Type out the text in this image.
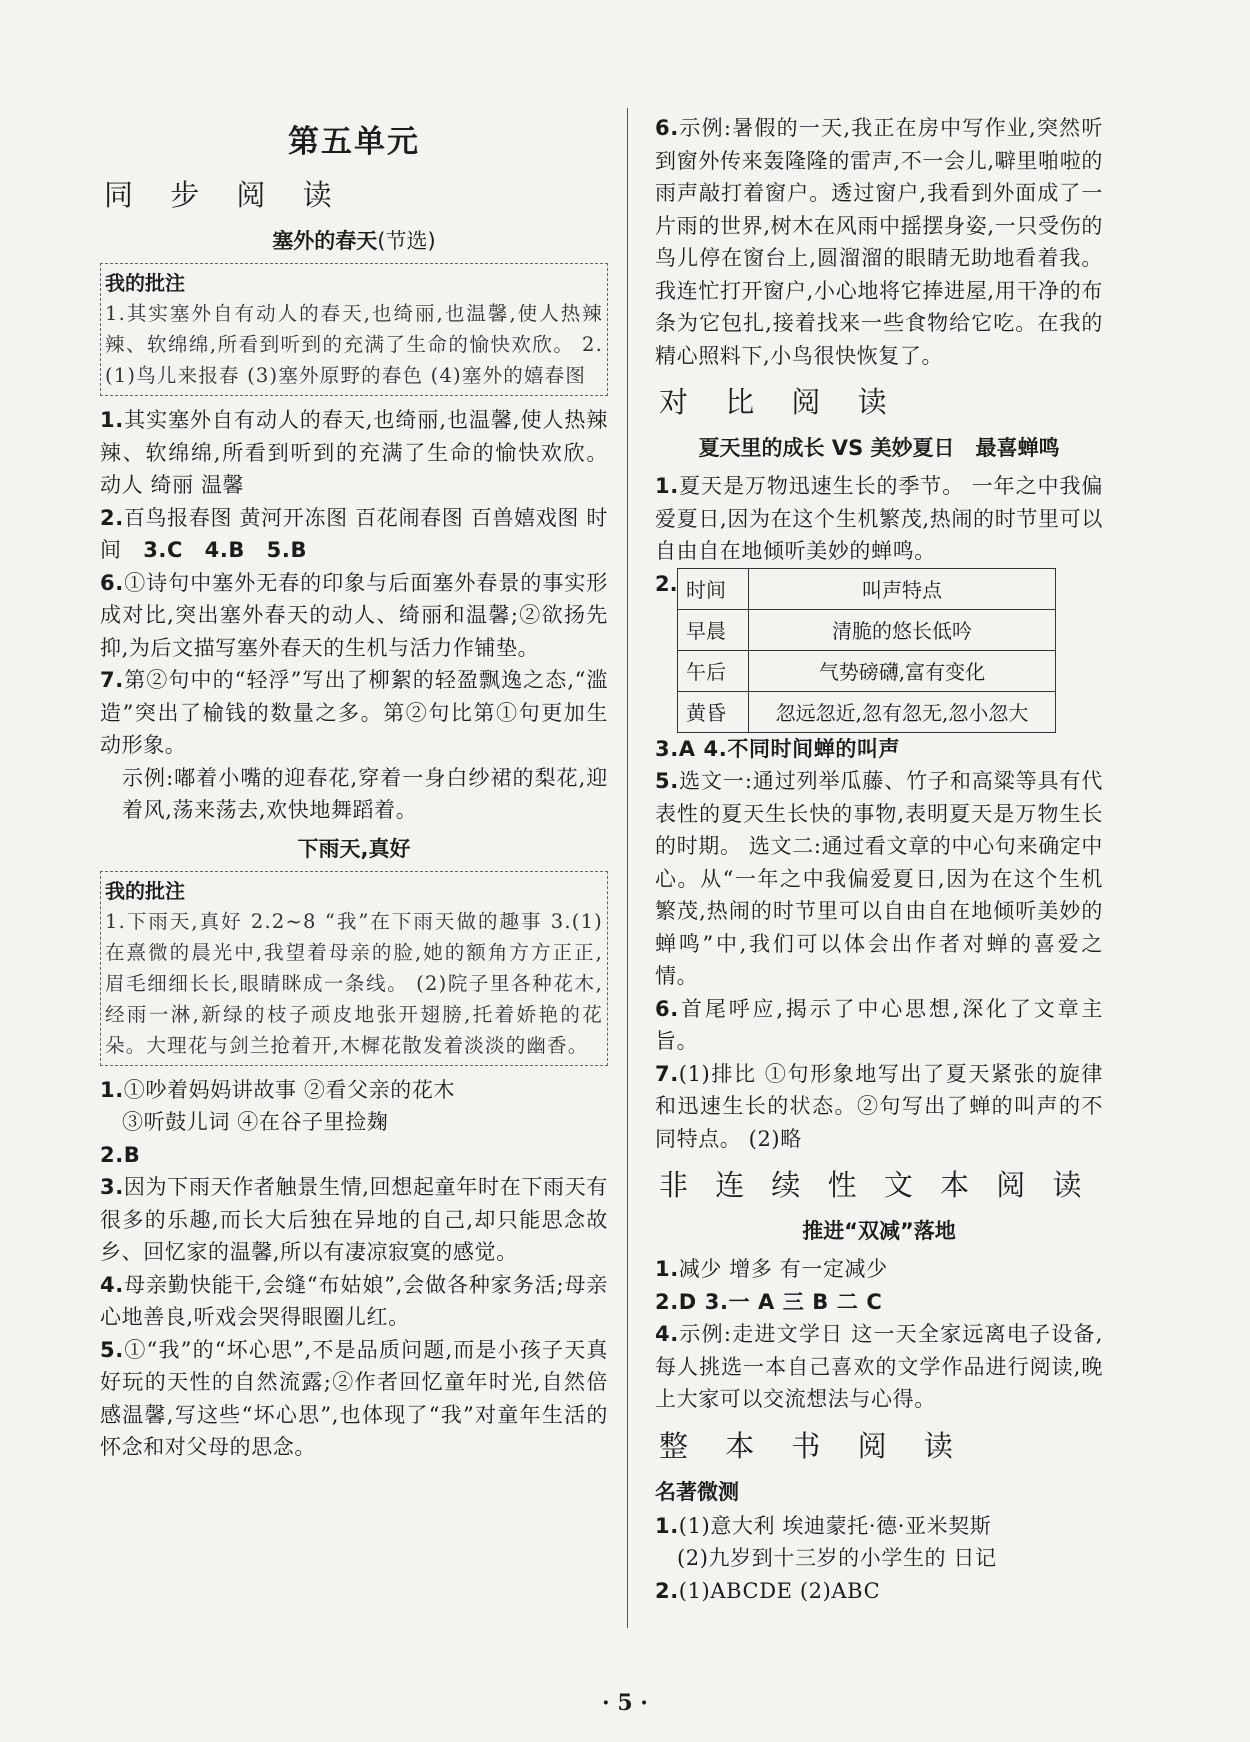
第五单元
同 步 阅 读
塞外的春天(节选)
我的批注
1.其实塞外自有动人的春天,也绮丽,也温馨,使人热辣辣、软绵绵,所看到听到的充满了生命的愉快欢欣。 2.(1)鸟儿来报春 (3)塞外原野的春色 (4)塞外的嬉春图

1.其实塞外自有动人的春天,也绮丽,也温馨,使人热辣辣、软绵绵,所看到听到的充满了生命的愉快欢欣。 动人 绮丽 温馨

2.百鸟报春图 黄河开冻图 百花闹春图 百兽嬉戏图 时间　 3.C　 4.B　 5.B

6.①诗句中塞外无春的印象与后面塞外春景的事实形成对比,突出塞外春天的动人、绮丽和温馨;②欲扬先抑,为后文描写塞外春天的生机与活力作铺垫。

7.第②句中的“轻浮”写出了柳絮的轻盈飘逸之态,“滥造”突出了榆钱的数量之多。第②句比第①句更加生动形象。
示例:嘟着小嘴的迎春花,穿着一身白纱裙的梨花,迎着风,荡来荡去,欢快地舞蹈着。

下雨天,真好
我的批注
1.下雨天,真好 2.2~8 “我”在下雨天做的趣事 3.(1)在熹微的晨光中,我望着母亲的脸,她的额角方方正正,眉毛细细长长,眼睛眯成一条线。 (2)院子里各种花木,经雨一淋,新绿的枝子顽皮地张开翅膀,托着娇艳的花朵。大理花与剑兰抢着开,木樨花散发着淡淡的幽香。

1.①吵着妈妈讲故事 ②看父亲的花木
③听鼓儿词 ④在谷子里捡麹

2.B

3.因为下雨天作者触景生情,回想起童年时在下雨天有很多的乐趣,而长大后独在异地的自己,却只能思念故乡、回忆家的温馨,所以有凄凉寂寞的感觉。

4.母亲勤快能干,会缝“布姑娘”,会做各种家务活;母亲心地善良,听戏会哭得眼圈儿红。

5.①“我”的“坏心思”,不是品质问题,而是小孩子天真好玩的天性的自然流露;②作者回忆童年时光,自然倍感温馨,写这些“坏心思”,也体现了“我”对童年生活的怀念和对父母的思念。

6.示例:暑假的一天,我正在房中写作业,突然听到窗外传来轰隆隆的雷声,不一会儿,噼里啪啦的雨声敲打着窗户。透过窗户,我看到外面成了一片雨的世界,树木在风雨中摇摆身姿,一只受伤的鸟儿停在窗台上,圆溜溜的眼睛无助地看着我。我连忙打开窗户,小心地将它捧进屋,用干净的布条为它包扎,接着找来一些食物给它吃。在我的精心照料下,小鸟很快恢复了。

对 比 阅 读
夏天里的成长 VS 美妙夏日　最喜蝉鸣

1.夏天是万物迅速生长的季节。 一年之中我偏爱夏日,因为在这个生机繁茂,热闹的时节里可以自由自在地倾听美妙的蝉鸣。

2. 时间	叫声特点
早晨	清脆的悠长低吟
午后	气势磅礴,富有变化
黄昏	忽远忽近,忽有忽无,忽小忽大

3.A 4.不同时间蝉的叫声

5.选文一:通过列举瓜藤、竹子和高粱等具有代表性的夏天生长快的事物,表明夏天是万物生长的时期。 选文二:通过看文章的中心句来确定中心。从“一年之中我偏爱夏日,因为在这个生机繁茂,热闹的时节里可以自由自在地倾听美妙的蝉鸣”中,我们可以体会出作者对蝉的喜爱之情。

6.首尾呼应,揭示了中心思想,深化了文章主旨。

7.(1)排比 ①句形象地写出了夏天紧张的旋律和迅速生长的状态。②句写出了蝉的叫声的不同特点。 (2)略

非 连 续 性 文 本 阅 读
推进“双减”落地

1.减少 增多 有一定减少

2.D 3.一 A 三 B 二 C

4.示例:走进文学日 这一天全家远离电子设备,每人挑选一本自己喜欢的文学作品进行阅读,晚上大家可以交流想法与心得。

整 本 书 阅 读
名著微测

1.(1)意大利 埃迪蒙托·德·亚米契斯
(2)九岁到十三岁的小学生的 日记

2.(1)ABCDE (2)ABC

· 5 ·
